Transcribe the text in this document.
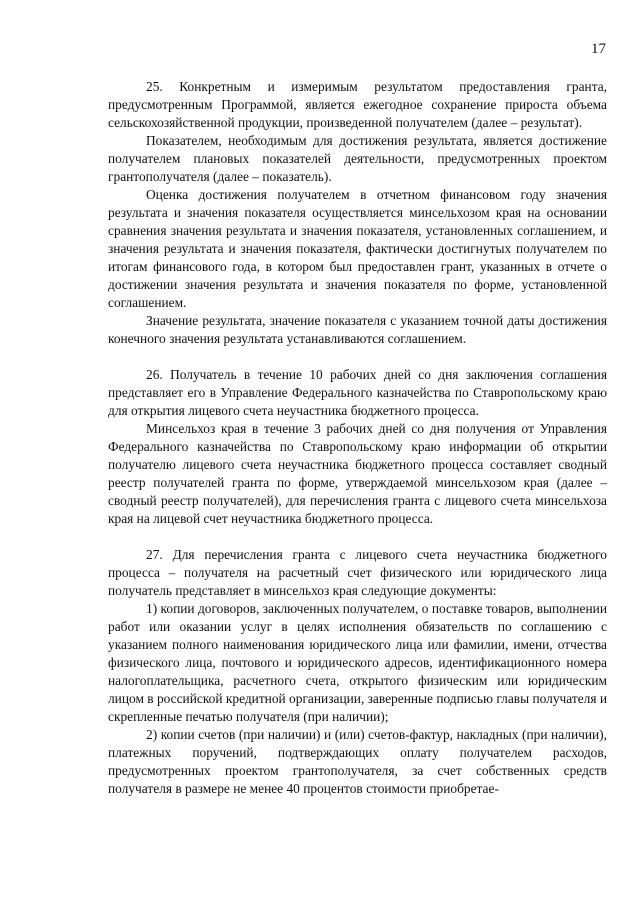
17

25. Конкретным и измеримым результатом предоставления гранта, предусмотренным Программой, является ежегодное сохранение прироста объема сельскохозяйственной продукции, произведенной получателем (далее – результат).

Показателем, необходимым для достижения результата, является достижение получателем плановых показателей деятельности, предусмотренных проектом грантополучателя (далее – показатель).

Оценка достижения получателем в отчетном финансовом году значения результата и значения показателя осуществляется минсельхозом края на основании сравнения значения результата и значения показателя, установленных соглашением, и значения результата и значения показателя, фактически достигнутых получателем по итогам финансового года, в котором был предоставлен грант, указанных в отчете о достижении значения результата и значения показателя по форме, установленной соглашением.

Значение результата, значение показателя с указанием точной даты достижения конечного значения результата устанавливаются соглашением.

26. Получатель в течение 10 рабочих дней со дня заключения соглашения представляет его в Управление Федерального казначейства по Ставропольскому краю для открытия лицевого счета неучастника бюджетного процесса.

Минсельхоз края в течение 3 рабочих дней со дня получения от Управления Федерального казначейства по Ставропольскому краю информации об открытии получателю лицевого счета неучастника бюджетного процесса составляет сводный реестр получателей гранта по форме, утверждаемой минсельхозом края (далее – сводный реестр получателей), для перечисления гранта с лицевого счета минсельхоза края на лицевой счет неучастника бюджетного процесса.

27. Для перечисления гранта с лицевого счета неучастника бюджетного процесса – получателя на расчетный счет физического или юридического лица получатель представляет в минсельхоз края следующие документы:

1) копии договоров, заключенных получателем, о поставке товаров, выполнении работ или оказании услуг в целях исполнения обязательств по соглашению с указанием полного наименования юридического лица или фамилии, имени, отчества физического лица, почтового и юридического адресов, идентификационного номера налогоплательщика, расчетного счета, открытого физическим или юридическим лицом в российской кредитной организации, заверенные подписью главы получателя и скрепленные печатью получателя (при наличии);

2) копии счетов (при наличии) и (или) счетов-фактур, накладных (при наличии), платежных поручений, подтверждающих оплату получателем расходов, предусмотренных проектом грантополучателя, за счет собственных средств получателя в размере не менее 40 процентов стоимости приобретае-
